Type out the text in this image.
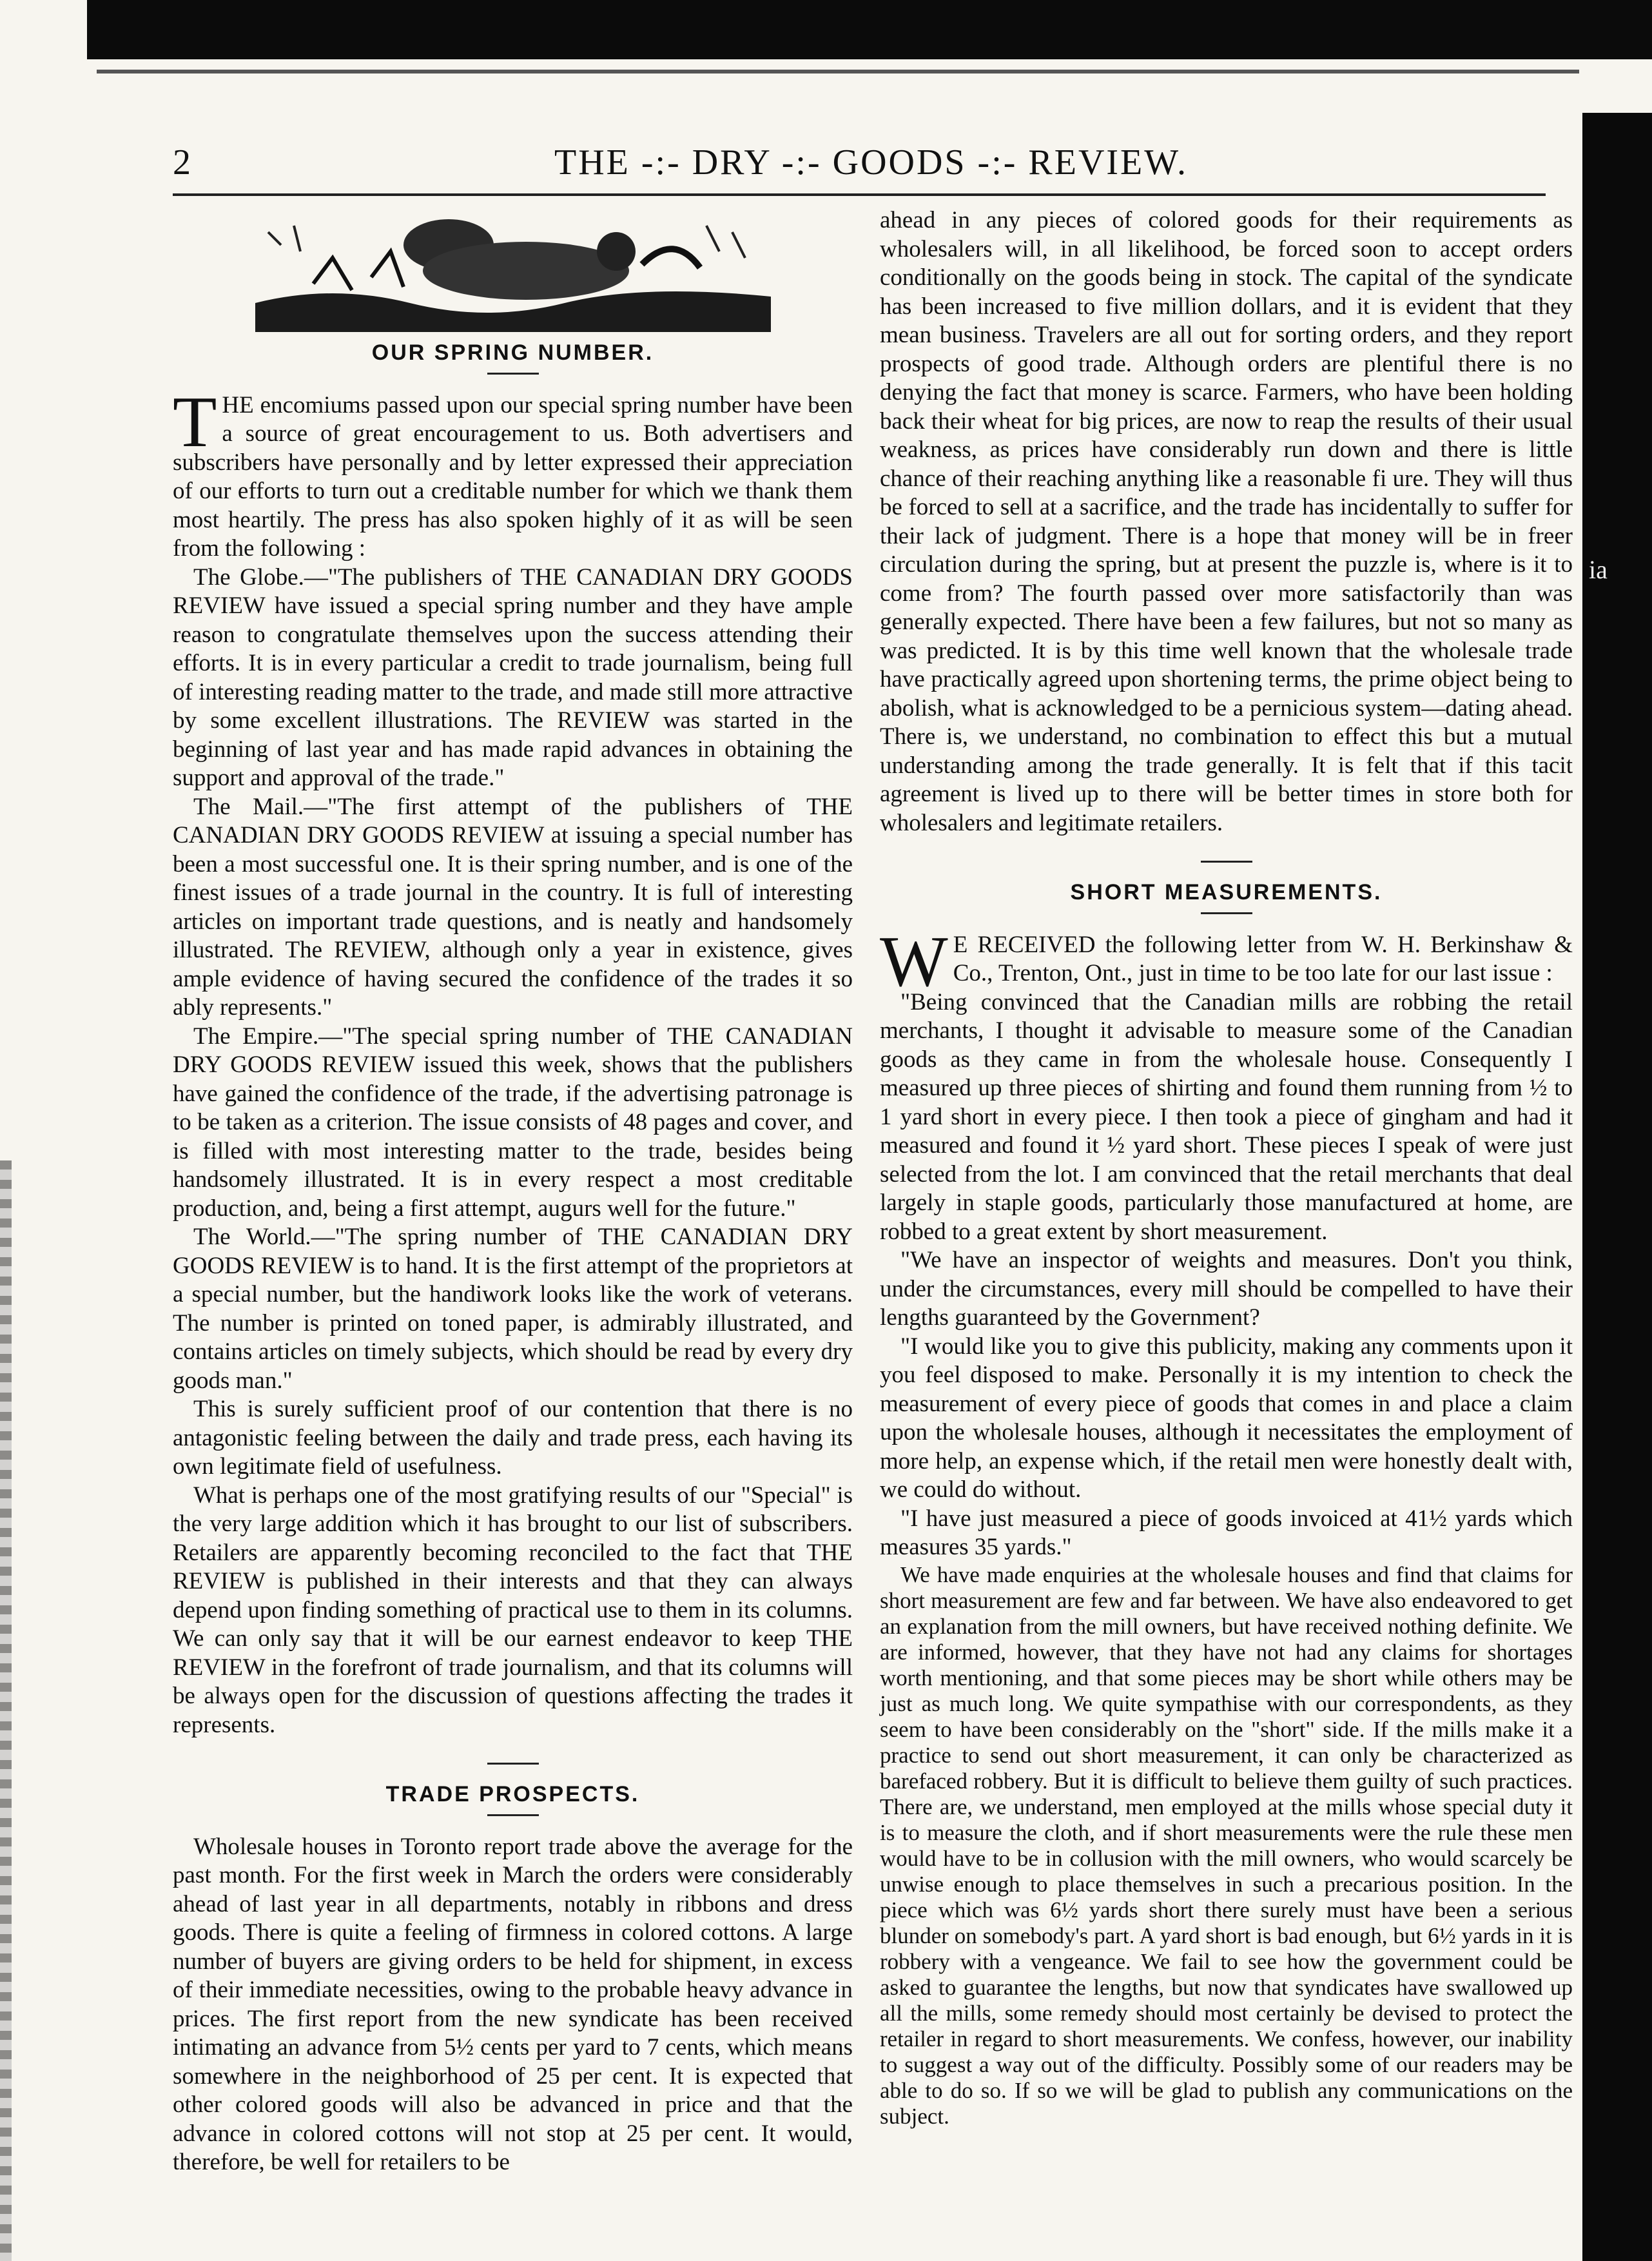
2	THE -:- DRY -:- GOODS -:- REVIEW.
OUR SPRING NUMBER.

THE encomiums passed upon our special spring number have been a source of great encouragement to us. Both advertisers and subscribers have personally and by letter expressed their appreciation of our efforts to turn out a creditable number for which we thank them most heartily. The press has also spoken highly of it as will be seen from the following :

The Globe.—"The publishers of THE CANADIAN DRY GOODS REVIEW have issued a special spring number and they have ample reason to congratulate themselves upon the success attending their efforts. It is in every particular a credit to trade journalism, being full of interesting reading matter to the trade, and made still more attractive by some excellent illustrations. The REVIEW was started in the beginning of last year and has made rapid advances in obtaining the support and approval of the trade."

The Mail.—"The first attempt of the publishers of THE CANADIAN DRY GOODS REVIEW at issuing a special number has been a most successful one. It is their spring number, and is one of the finest issues of a trade journal in the country. It is full of interesting articles on important trade questions, and is neatly and handsomely illustrated. The REVIEW, although only a year in existence, gives ample evidence of having secured the confidence of the trades it so ably represents."

The Empire.—"The special spring number of THE CANADIAN DRY GOODS REVIEW issued this week, shows that the publishers have gained the confidence of the trade, if the advertising patronage is to be taken as a criterion. The issue consists of 48 pages and cover, and is filled with most interesting matter to the trade, besides being handsomely illustrated. It is in every respect a most creditable production, and, being a first attempt, augurs well for the future."

The World.—"The spring number of THE CANADIAN DRY GOODS REVIEW is to hand. It is the first attempt of the proprietors at a special number, but the handiwork looks like the work of veterans. The number is printed on toned paper, is admirably illustrated, and contains articles on timely subjects, which should be read by every dry goods man."

This is surely sufficient proof of our contention that there is no antagonistic feeling between the daily and trade press, each having its own legitimate field of usefulness.

What is perhaps one of the most gratifying results of our "Special" is the very large addition which it has brought to our list of subscribers. Retailers are apparently becoming reconciled to the fact that THE REVIEW is published in their interests and that they can always depend upon finding something of practical use to them in its columns. We can only say that it will be our earnest endeavor to keep THE REVIEW in the forefront of trade journalism, and that its columns will be always open for the discussion of questions affecting the trades it represents.

TRADE PROSPECTS.

Wholesale houses in Toronto report trade above the average for the past month. For the first week in March the orders were considerably ahead of last year in all departments, notably in ribbons and dress goods. There is quite a feeling of firmness in colored cottons. A large number of buyers are giving orders to be held for shipment, in excess of their immediate necessities, owing to the probable heavy advance in prices. The first report from the new syndicate has been received intimating an advance from 5½ cents per yard to 7 cents, which means somewhere in the neighborhood of 25 per cent. It is expected that other colored goods will also be advanced in price and that the advance in colored cottons will not stop at 25 per cent. It would, therefore, be well for retailers to be

ahead in any pieces of colored goods for their requirements as wholesalers will, in all likelihood, be forced soon to accept orders conditionally on the goods being in stock. The capital of the syndicate has been increased to five million dollars, and it is evident that they mean business. Travelers are all out for sorting orders, and they report prospects of good trade. Although orders are plentiful there is no denying the fact that money is scarce. Farmers, who have been holding back their wheat for big prices, are now to reap the results of their usual weakness, as prices have considerably run down and there is little chance of their reaching anything like a reasonable fi ure. They will thus be forced to sell at a sacrifice, and the trade has incidentally to suffer for their lack of judgment. There is a hope that money will be in freer circulation during the spring, but at present the puzzle is, where is it to come from? The fourth passed over more satisfactorily than was generally expected. There have been a few failures, but not so many as was predicted. It is by this time well known that the wholesale trade have practically agreed upon shortening terms, the prime object being to abolish, what is acknowledged to be a pernicious system—dating ahead. There is, we understand, no combination to effect this but a mutual understanding among the trade generally. It is felt that if this tacit agreement is lived up to there will be better times in store both for wholesalers and legitimate retailers.

SHORT MEASUREMENTS.

W E RECEIVED the following letter from W. H. Berkinshaw & Co., Trenton, Ont., just in time to be too late for our last issue :

"Being convinced that the Canadian mills are robbing the retail merchants, I thought it advisable to measure some of the Canadian goods as they came in from the wholesale house. Consequently I measured up three pieces of shirting and found them running from ½ to 1 yard short in every piece. I then took a piece of gingham and had it measured and found it ½ yard short. These pieces I speak of were just selected from the lot. I am convinced that the retail merchants that deal largely in staple goods, particularly those manufactured at home, are robbed to a great extent by short measurement.

"We have an inspector of weights and measures. Don't you think, under the circumstances, every mill should be compelled to have their lengths guaranteed by the Government?

"I would like you to give this publicity, making any comments upon it you feel disposed to make. Personally it is my intention to check the measurement of every piece of goods that comes in and place a claim upon the wholesale houses, although it necessitates the employment of more help, an expense which, if the retail men were honestly dealt with, we could do without.

"I have just measured a piece of goods invoiced at 41½ yards which measures 35 yards."

We have made enquiries at the wholesale houses and find that claims for short measurement are few and far between. We have also endeavored to get an explanation from the mill owners, but have received nothing definite. We are informed, however, that they have not had any claims for shortages worth mentioning, and that some pieces may be short while others may be just as much long. We quite sympathise with our correspondents, as they seem to have been considerably on the "short" side. If the mills make it a practice to send out short measurement, it can only be characterized as barefaced robbery. But it is difficult to believe them guilty of such practices. There are, we understand, men employed at the mills whose special duty it is to measure the cloth, and if short measurements were the rule these men would have to be in collusion with the mill owners, who would scarcely be unwise enough to place themselves in such a precarious position. In the piece which was 6½ yards short there surely must have been a serious blunder on somebody's part. A yard short is bad enough, but 6½ yards in it is robbery with a vengeance. We fail to see how the government could be asked to guarantee the lengths, but now that syndicates have swallowed up all the mills, some remedy should most certainly be devised to protect the retailer in regard to short measurements. We confess, however, our inability to suggest a way out of the difficulty. Possibly some of our readers may be able to do so. If so we will be glad to publish any communications on the subject.

ia
